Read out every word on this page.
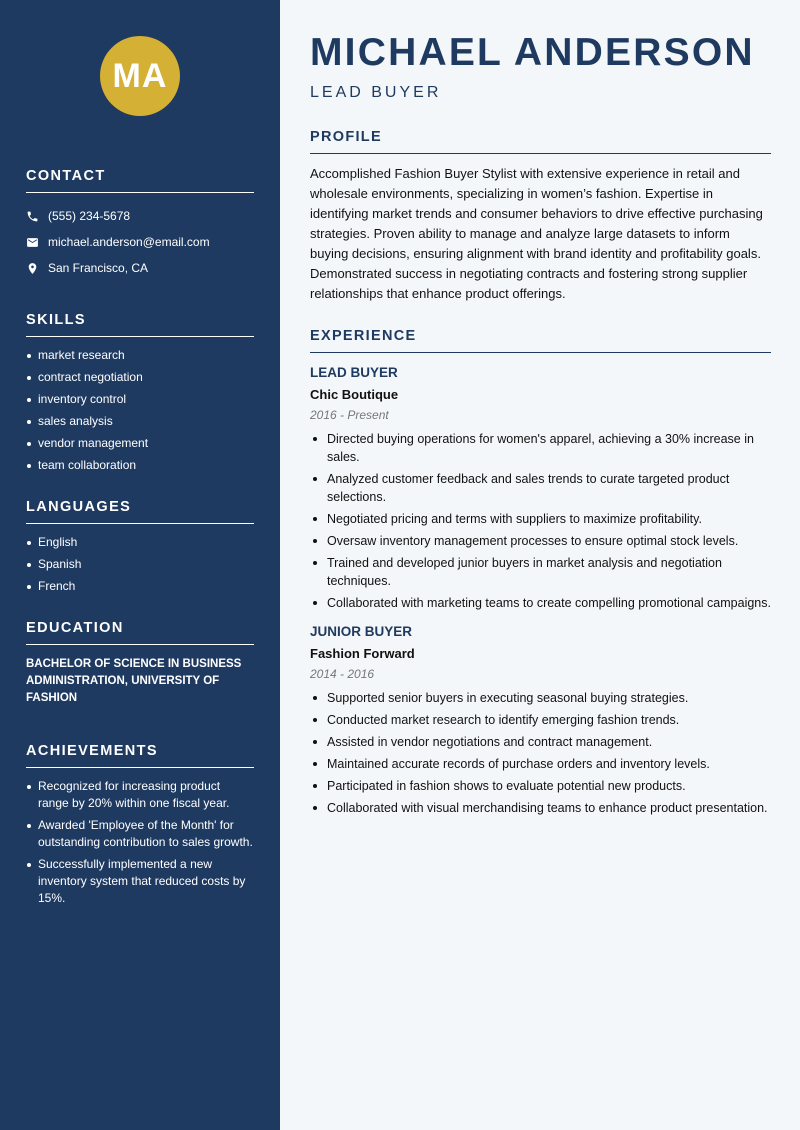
MA
CONTACT
(555) 234-5678
michael.anderson@email.com
San Francisco, CA
SKILLS
market research
contract negotiation
inventory control
sales analysis
vendor management
team collaboration
LANGUAGES
English
Spanish
French
EDUCATION

BACHELOR OF SCIENCE IN BUSINESS ADMINISTRATION, UNIVERSITY OF FASHION

ACHIEVEMENTS
Recognized for increasing product range by 20% within one fiscal year.
Awarded 'Employee of the Month' for outstanding contribution to sales growth.
Successfully implemented a new inventory system that reduced costs by 15%.
MICHAEL ANDERSON
LEAD BUYER
PROFILE

Accomplished Fashion Buyer Stylist with extensive experience in retail and wholesale environments, specializing in women’s fashion. Expertise in identifying market trends and consumer behaviors to drive effective purchasing strategies. Proven ability to manage and analyze large datasets to inform buying decisions, ensuring alignment with brand identity and profitability goals. Demonstrated success in negotiating contracts and fostering strong supplier relationships that enhance product offerings.

EXPERIENCE
LEAD BUYER
Chic Boutique
2016 - Present
Directed buying operations for women's apparel, achieving a 30% increase in sales.
Analyzed customer feedback and sales trends to curate targeted product selections.
Negotiated pricing and terms with suppliers to maximize profitability.
Oversaw inventory management processes to ensure optimal stock levels.
Trained and developed junior buyers in market analysis and negotiation techniques.
Collaborated with marketing teams to create compelling promotional campaigns.
JUNIOR BUYER
Fashion Forward
2014 - 2016
Supported senior buyers in executing seasonal buying strategies.
Conducted market research to identify emerging fashion trends.
Assisted in vendor negotiations and contract management.
Maintained accurate records of purchase orders and inventory levels.
Participated in fashion shows to evaluate potential new products.
Collaborated with visual merchandising teams to enhance product presentation.
